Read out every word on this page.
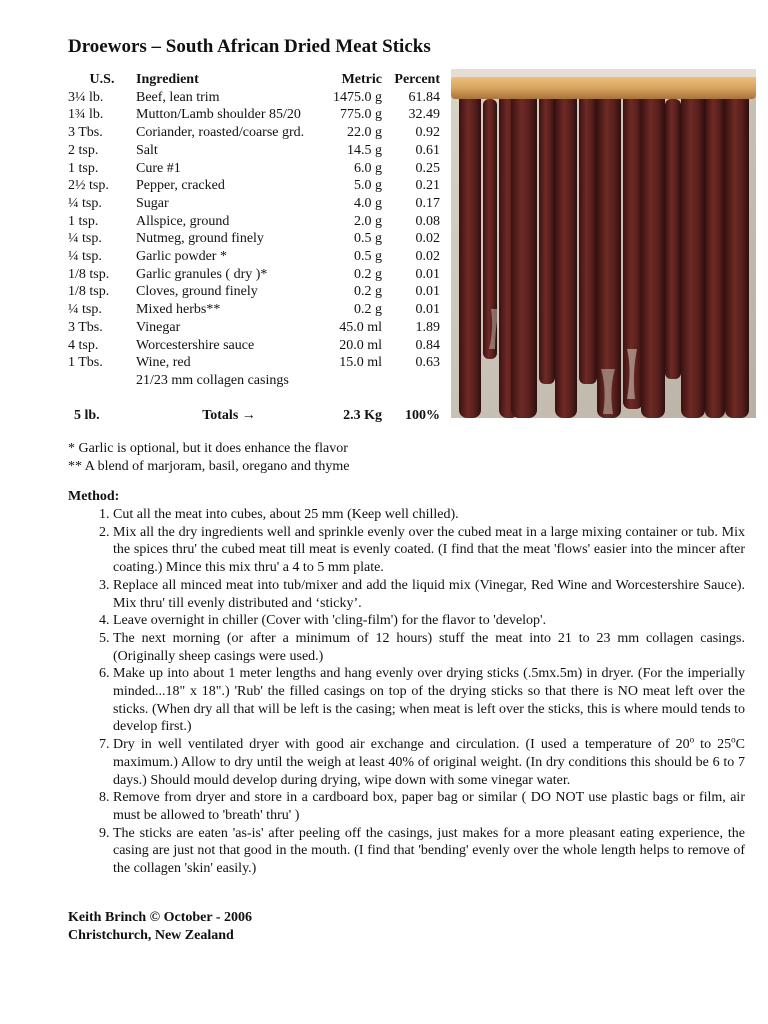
Droewors – South African Dried Meat Sticks
U.S.	Ingredient	Metric	Percent
3¼ lb.	Beef, lean trim	1475.0 g	61.84
1¾ lb.	Mutton/Lamb shoulder 85/20	775.0 g	32.49
3 Tbs.	Coriander, roasted/coarse grd.	22.0 g	0.92
2 tsp.	Salt	14.5 g	0.61
1 tsp.	Cure #1	6.0 g	0.25
2½ tsp.	Pepper, cracked	5.0 g	0.21
¼ tsp.	Sugar	4.0 g	0.17
1 tsp.	Allspice, ground	2.0 g	0.08
¼ tsp.	Nutmeg, ground finely	0.5 g	0.02
¼ tsp.	Garlic powder *	0.5 g	0.02
1/8 tsp.	Garlic granules ( dry )*	0.2 g	0.01
1/8 tsp.	Cloves, ground finely	0.2 g	0.01
¼ tsp.	Mixed herbs**	0.2 g	0.01
3 Tbs.	Vinegar	45.0 ml	1.89
4 tsp.	Worcestershire sauce	20.0 ml	0.84
1 Tbs.	Wine, red	15.0 ml	0.63
	21/23 mm collagen casings		

5 lb.	Totals →	2.3 Kg	100%
* Garlic is optional, but it does enhance the flavor
** A blend of marjoram, basil, oregano and thyme
Method:
1. Cut all the meat into cubes, about 25 mm (Keep well chilled).
2. Mix all the dry ingredients well and sprinkle evenly over the cubed meat in a large mixing container or tub. Mix the spices thru' the cubed meat till meat is evenly coated. (I find that the meat 'flows' easier into the mincer after coating.) Mince this mix thru' a 4 to 5 mm plate.
3. Replace all minced meat into tub/mixer and add the liquid mix (Vinegar, Red Wine and Worcestershire Sauce). Mix thru' till evenly distributed and ‘sticky’.
4. Leave overnight in chiller (Cover with 'cling-film') for the flavor to 'develop'.
5. The next morning (or after a minimum of 12 hours) stuff the meat into 21 to 23 mm collagen casings. (Originally sheep casings were used.)
6. Make up into about 1 meter lengths and hang evenly over drying sticks (.5mx.5m) in dryer. (For the imperially minded...18" x 18".) 'Rub' the filled casings on top of the drying sticks so that there is NO meat left over the sticks. (When dry all that will be left is the casing; when meat is left over the sticks, this is where mould tends to develop first.)
7. Dry in well ventilated dryer with good air exchange and circulation. (I used a temperature of 20$^o$ to 25$^o$C maximum.) Allow to dry until the weigh at least 40% of original weight. (In dry conditions this should be 6 to 7 days.) Should mould develop during drying, wipe down with some vinegar water.
8. Remove from dryer and store in a cardboard box, paper bag or similar ( DO NOT use plastic bags or film, air must be allowed to 'breath' thru' )
9. The sticks are eaten 'as-is' after peeling off the casings, just makes for a more pleasant eating experience, the casing are just not that good in the mouth. (I find that 'bending' evenly over the whole length helps to remove of the collagen 'skin' easily.)
Keith Brinch © October - 2006
Christchurch, New Zealand
